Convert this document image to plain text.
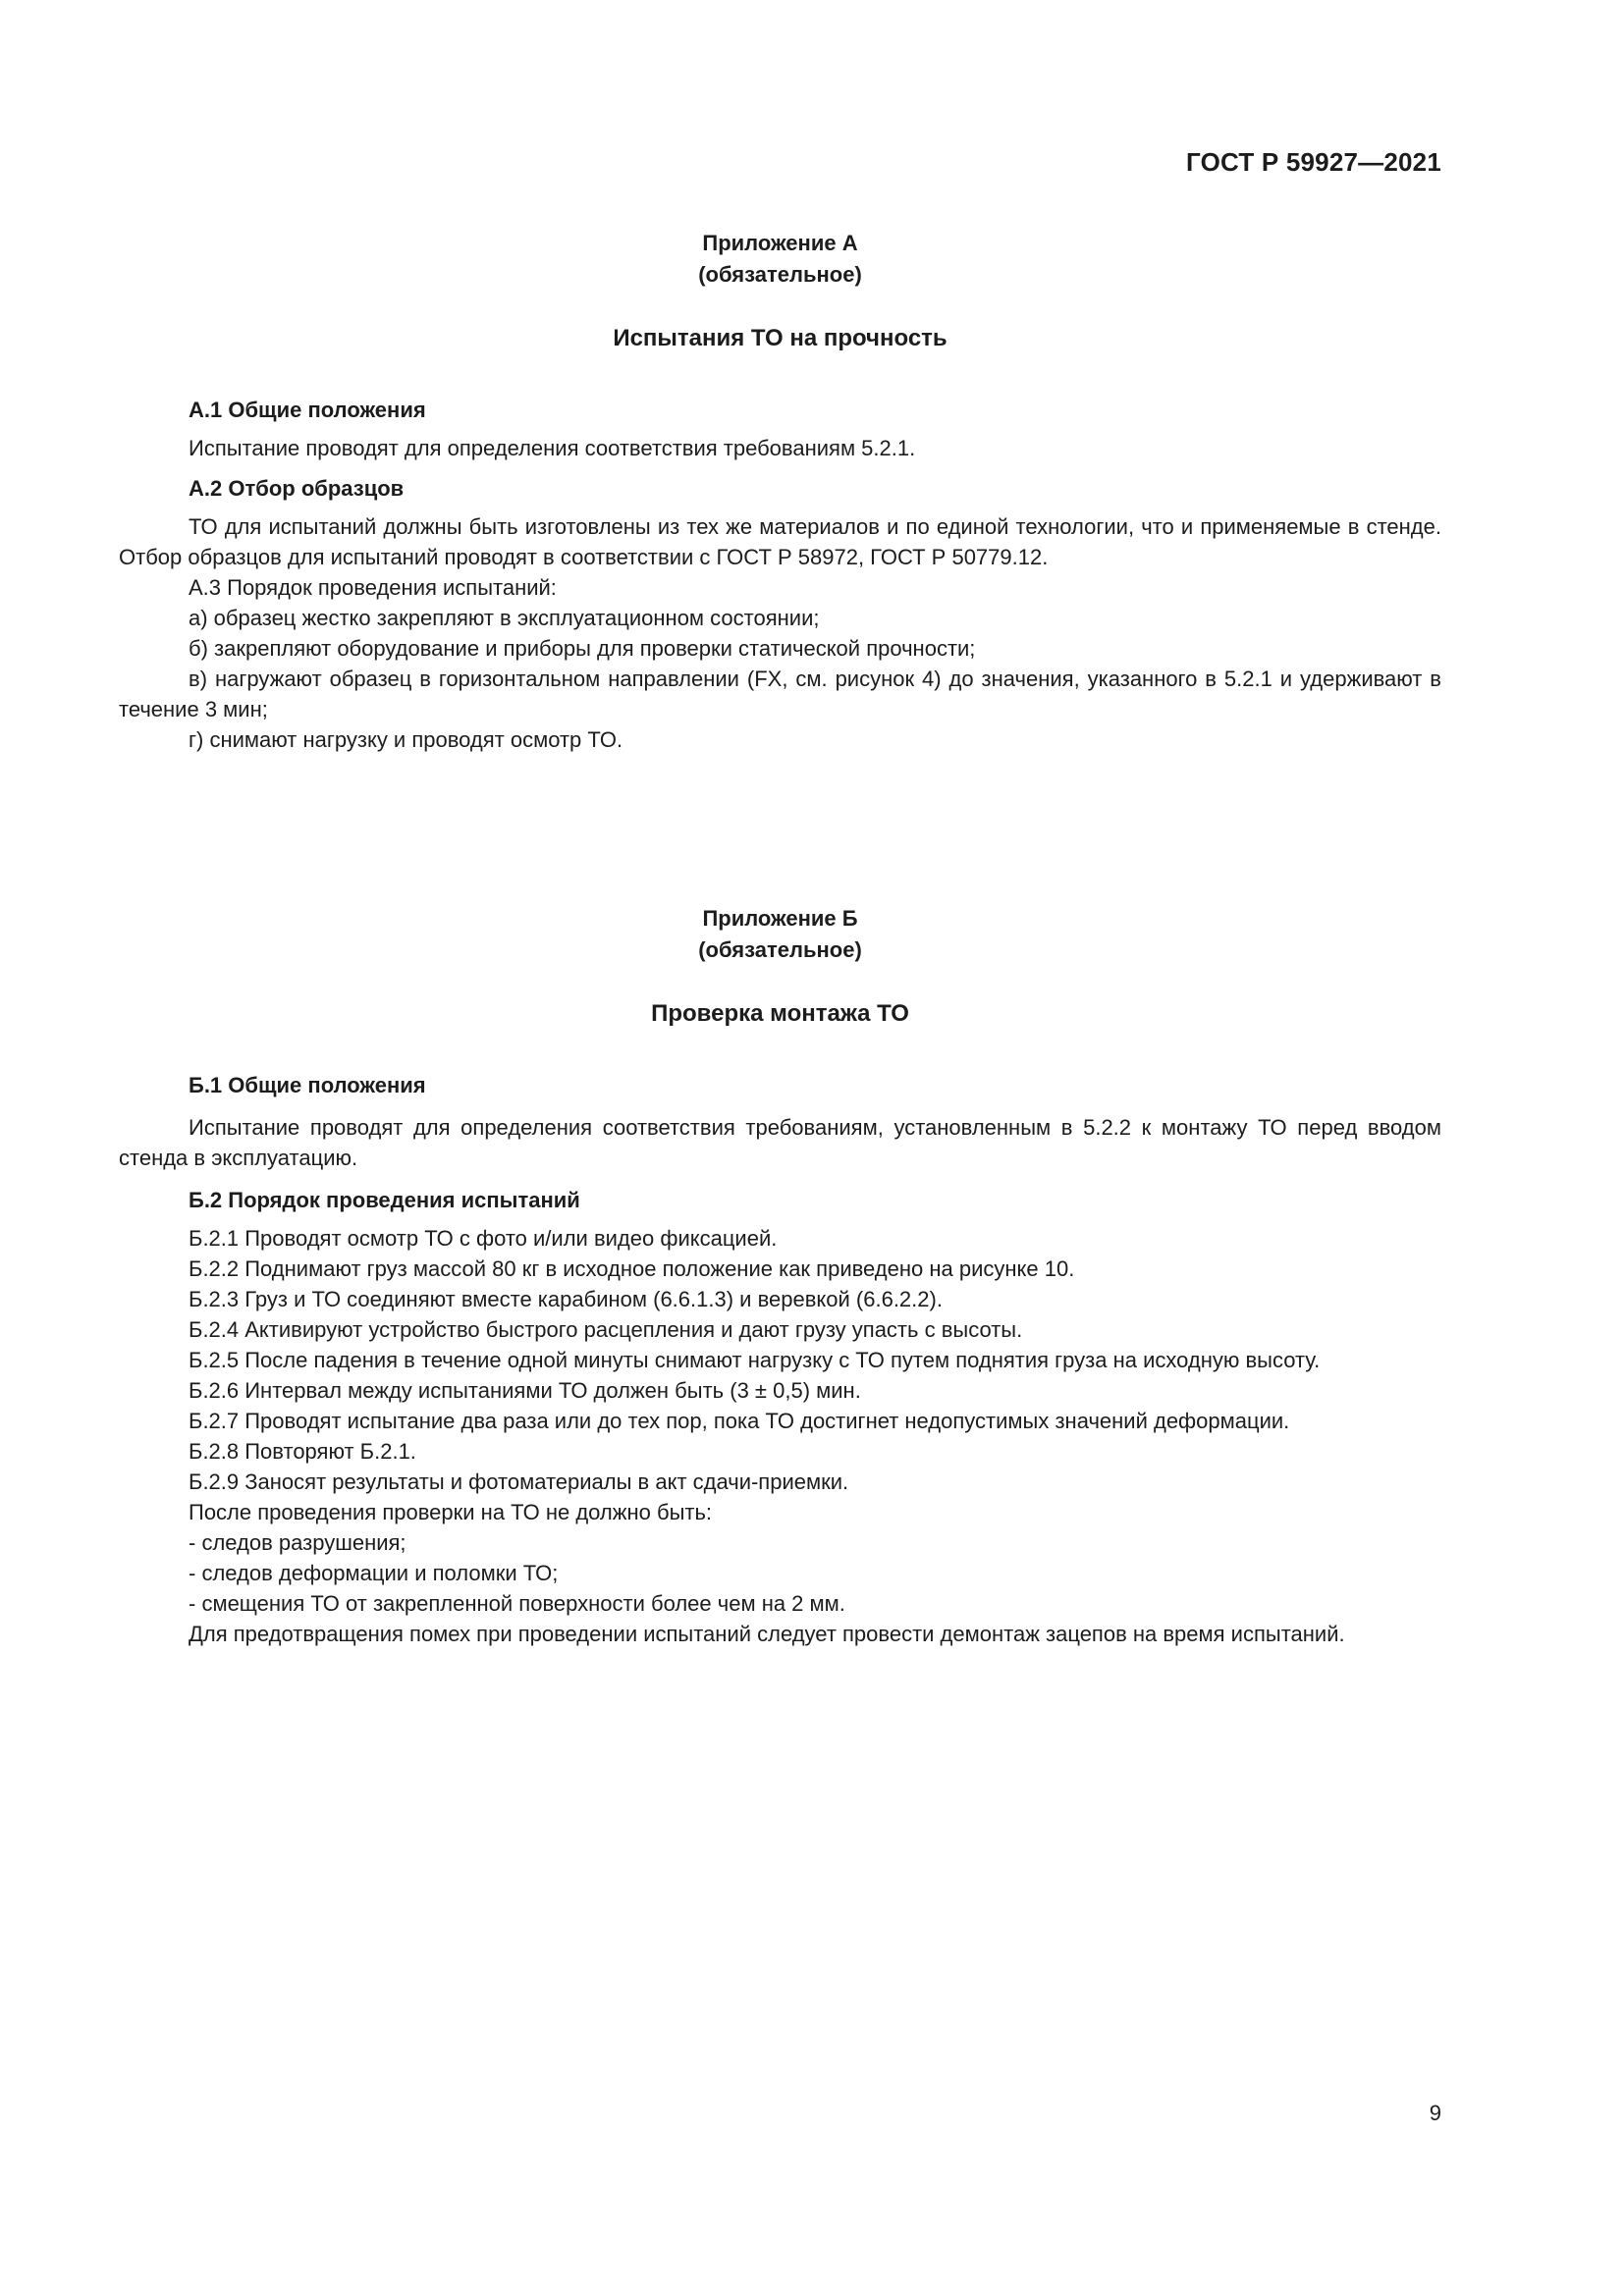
ГОСТ Р 59927—2021

Приложение А

(обязательное)

Испытания ТО на прочность

А.1 Общие положения

Испытание проводят для определения соответствия требованиям 5.2.1.

А.2 Отбор образцов

ТО для испытаний должны быть изготовлены из тех же материалов и по единой технологии, что и применяемые в стенде. Отбор образцов для испытаний проводят в соответствии с ГОСТ Р 58972, ГОСТ Р 50779.12.

А.3 Порядок проведения испытаний:

а) образец жестко закрепляют в эксплуатационном состоянии;

б) закрепляют оборудование и приборы для проверки статической прочности;

в) нагружают образец в горизонтальном направлении (FX, см. рисунок 4) до значения, указанного в 5.2.1 и удерживают в течение 3 мин;

г) снимают нагрузку и проводят осмотр ТО.

Приложение Б

(обязательное)

Проверка монтажа ТО

Б.1 Общие положения

Испытание проводят для определения соответствия требованиям, установленным в 5.2.2 к монтажу ТО перед вводом стенда в эксплуатацию.

Б.2 Порядок проведения испытаний

Б.2.1 Проводят осмотр ТО с фото и/или видео фиксацией.

Б.2.2 Поднимают груз массой 80 кг в исходное положение как приведено на рисунке 10.

Б.2.3 Груз и ТО соединяют вместе карабином (6.6.1.3) и веревкой (6.6.2.2).

Б.2.4 Активируют устройство быстрого расцепления и дают грузу упасть с высоты.

Б.2.5 После падения в течение одной минуты снимают нагрузку с ТО путем поднятия груза на исходную высоту.

Б.2.6 Интервал между испытаниями ТО должен быть (3 ± 0,5) мин.

Б.2.7 Проводят испытание два раза или до тех пор, пока ТО достигнет недопустимых значений деформации.

Б.2.8 Повторяют Б.2.1.

Б.2.9 Заносят результаты и фотоматериалы в акт сдачи-приемки.

После проведения проверки на ТО не должно быть:

- следов разрушения;

- следов деформации и поломки ТО;

- смещения ТО от закрепленной поверхности более чем на 2 мм.

Для предотвращения помех при проведении испытаний следует провести демонтаж зацепов на время испытаний.

9
